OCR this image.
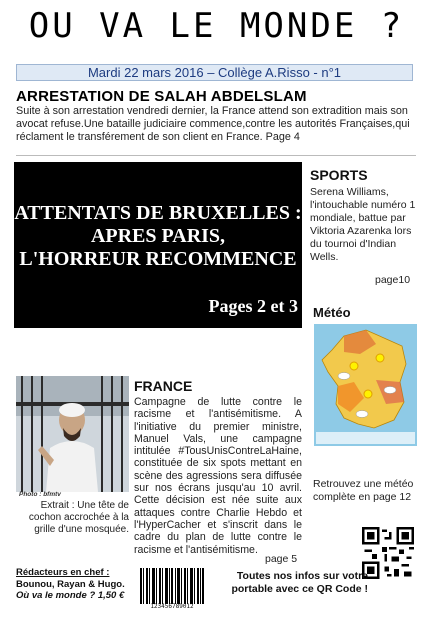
OU VA LE MONDE ?
Mardi 22 mars 2016 – Collège A.Risso - n°1
ARRESTATION DE SALAH ABDELSLAM
Suite à son arrestation vendredi dernier, la France attend son extradition mais son avocat refuse.Une bataille judiciaire commence,contre les autorités Françaises,qui réclament le transférement de son client en France. Page 4
ATTENTATS DE BRUXELLES :
APRES PARIS,
L'HORREUR RECOMMENCE
Pages 2 et 3
SPORTS
Serena Williams, l'intouchable numéro 1 mondiale, battue par Viktoria Azarenka lors du tournoi d'Indian Wells.
page10
Météo
Retrouvez une météo complète en page 12
Photo : bfmtv
Extrait : Une tête de cochon accrochée à la grille d'une mosquée.
FRANCE
Campagne de lutte contre le racisme et l'antisémitisme. A l'initiative du premier ministre, Manuel Vals, une campagne intitulée #TousUnisContreLaHaine, constituée de six spots mettant en scène des agressions sera diffusée sur nos écrans jusqu'au 10 avril. Cette décision est née suite aux attaques contre Charlie Hebdo et l'HyperCacher et s'inscrit dans le cadre du plan de lutte contre le racisme et l'antisémitisme.
page 5
Rédacteurs en chef :
Bounou, Rayan & Hugo.
Où va le monde ? 1,50 €
123456789012
Toutes nos infos sur votre portable avec ce QR Code !
